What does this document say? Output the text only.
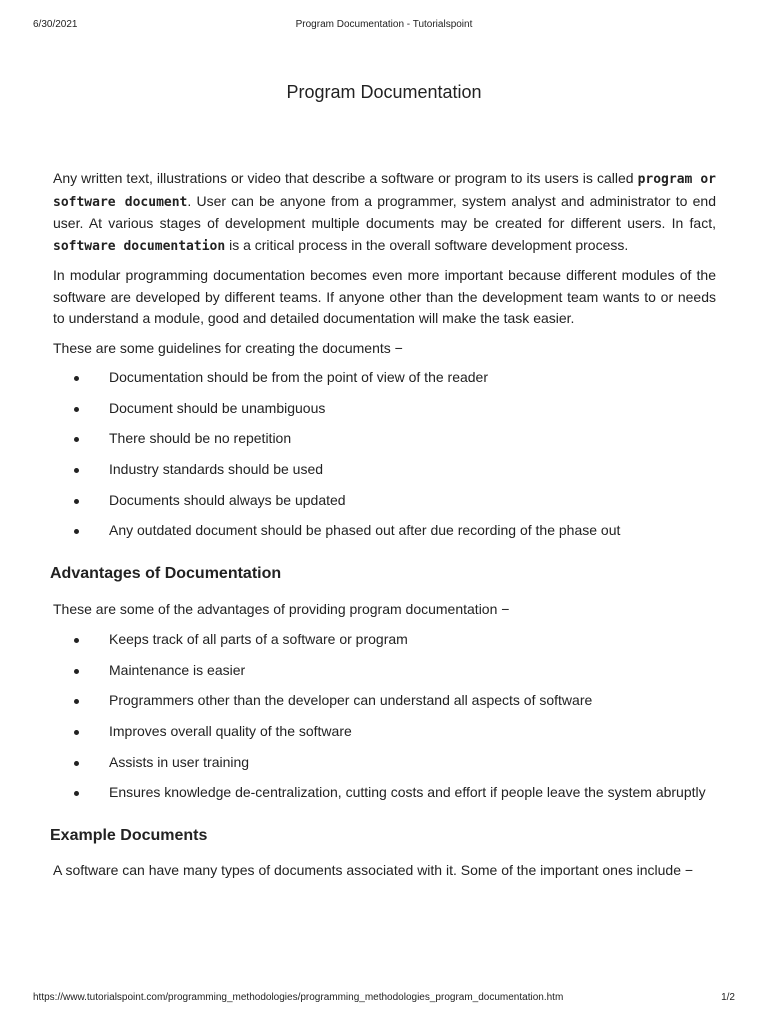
6/30/2021	Program Documentation - Tutorialspoint
Program Documentation

Any written text, illustrations or video that describe a software or program to its users is called program or software document. User can be anyone from a programmer, system analyst and administrator to end user. At various stages of development multiple documents may be created for different users. In fact, software documentation is a critical process in the overall software development process.

In modular programming documentation becomes even more important because different modules of the software are developed by different teams. If anyone other than the development team wants to or needs to understand a module, good and detailed documentation will make the task easier.

These are some guidelines for creating the documents −

Documentation should be from the point of view of the reader
Document should be unambiguous
There should be no repetition
Industry standards should be used
Documents should always be updated
Any outdated document should be phased out after due recording of the phase out
Advantages of Documentation

These are some of the advantages of providing program documentation −

Keeps track of all parts of a software or program
Maintenance is easier
Programmers other than the developer can understand all aspects of software
Improves overall quality of the software
Assists in user training
Ensures knowledge de-centralization, cutting costs and effort if people leave the system abruptly
Example Documents

A software can have many types of documents associated with it. Some of the important ones include −

https://www.tutorialspoint.com/programming_methodologies/programming_methodologies_program_documentation.htm	1/2
